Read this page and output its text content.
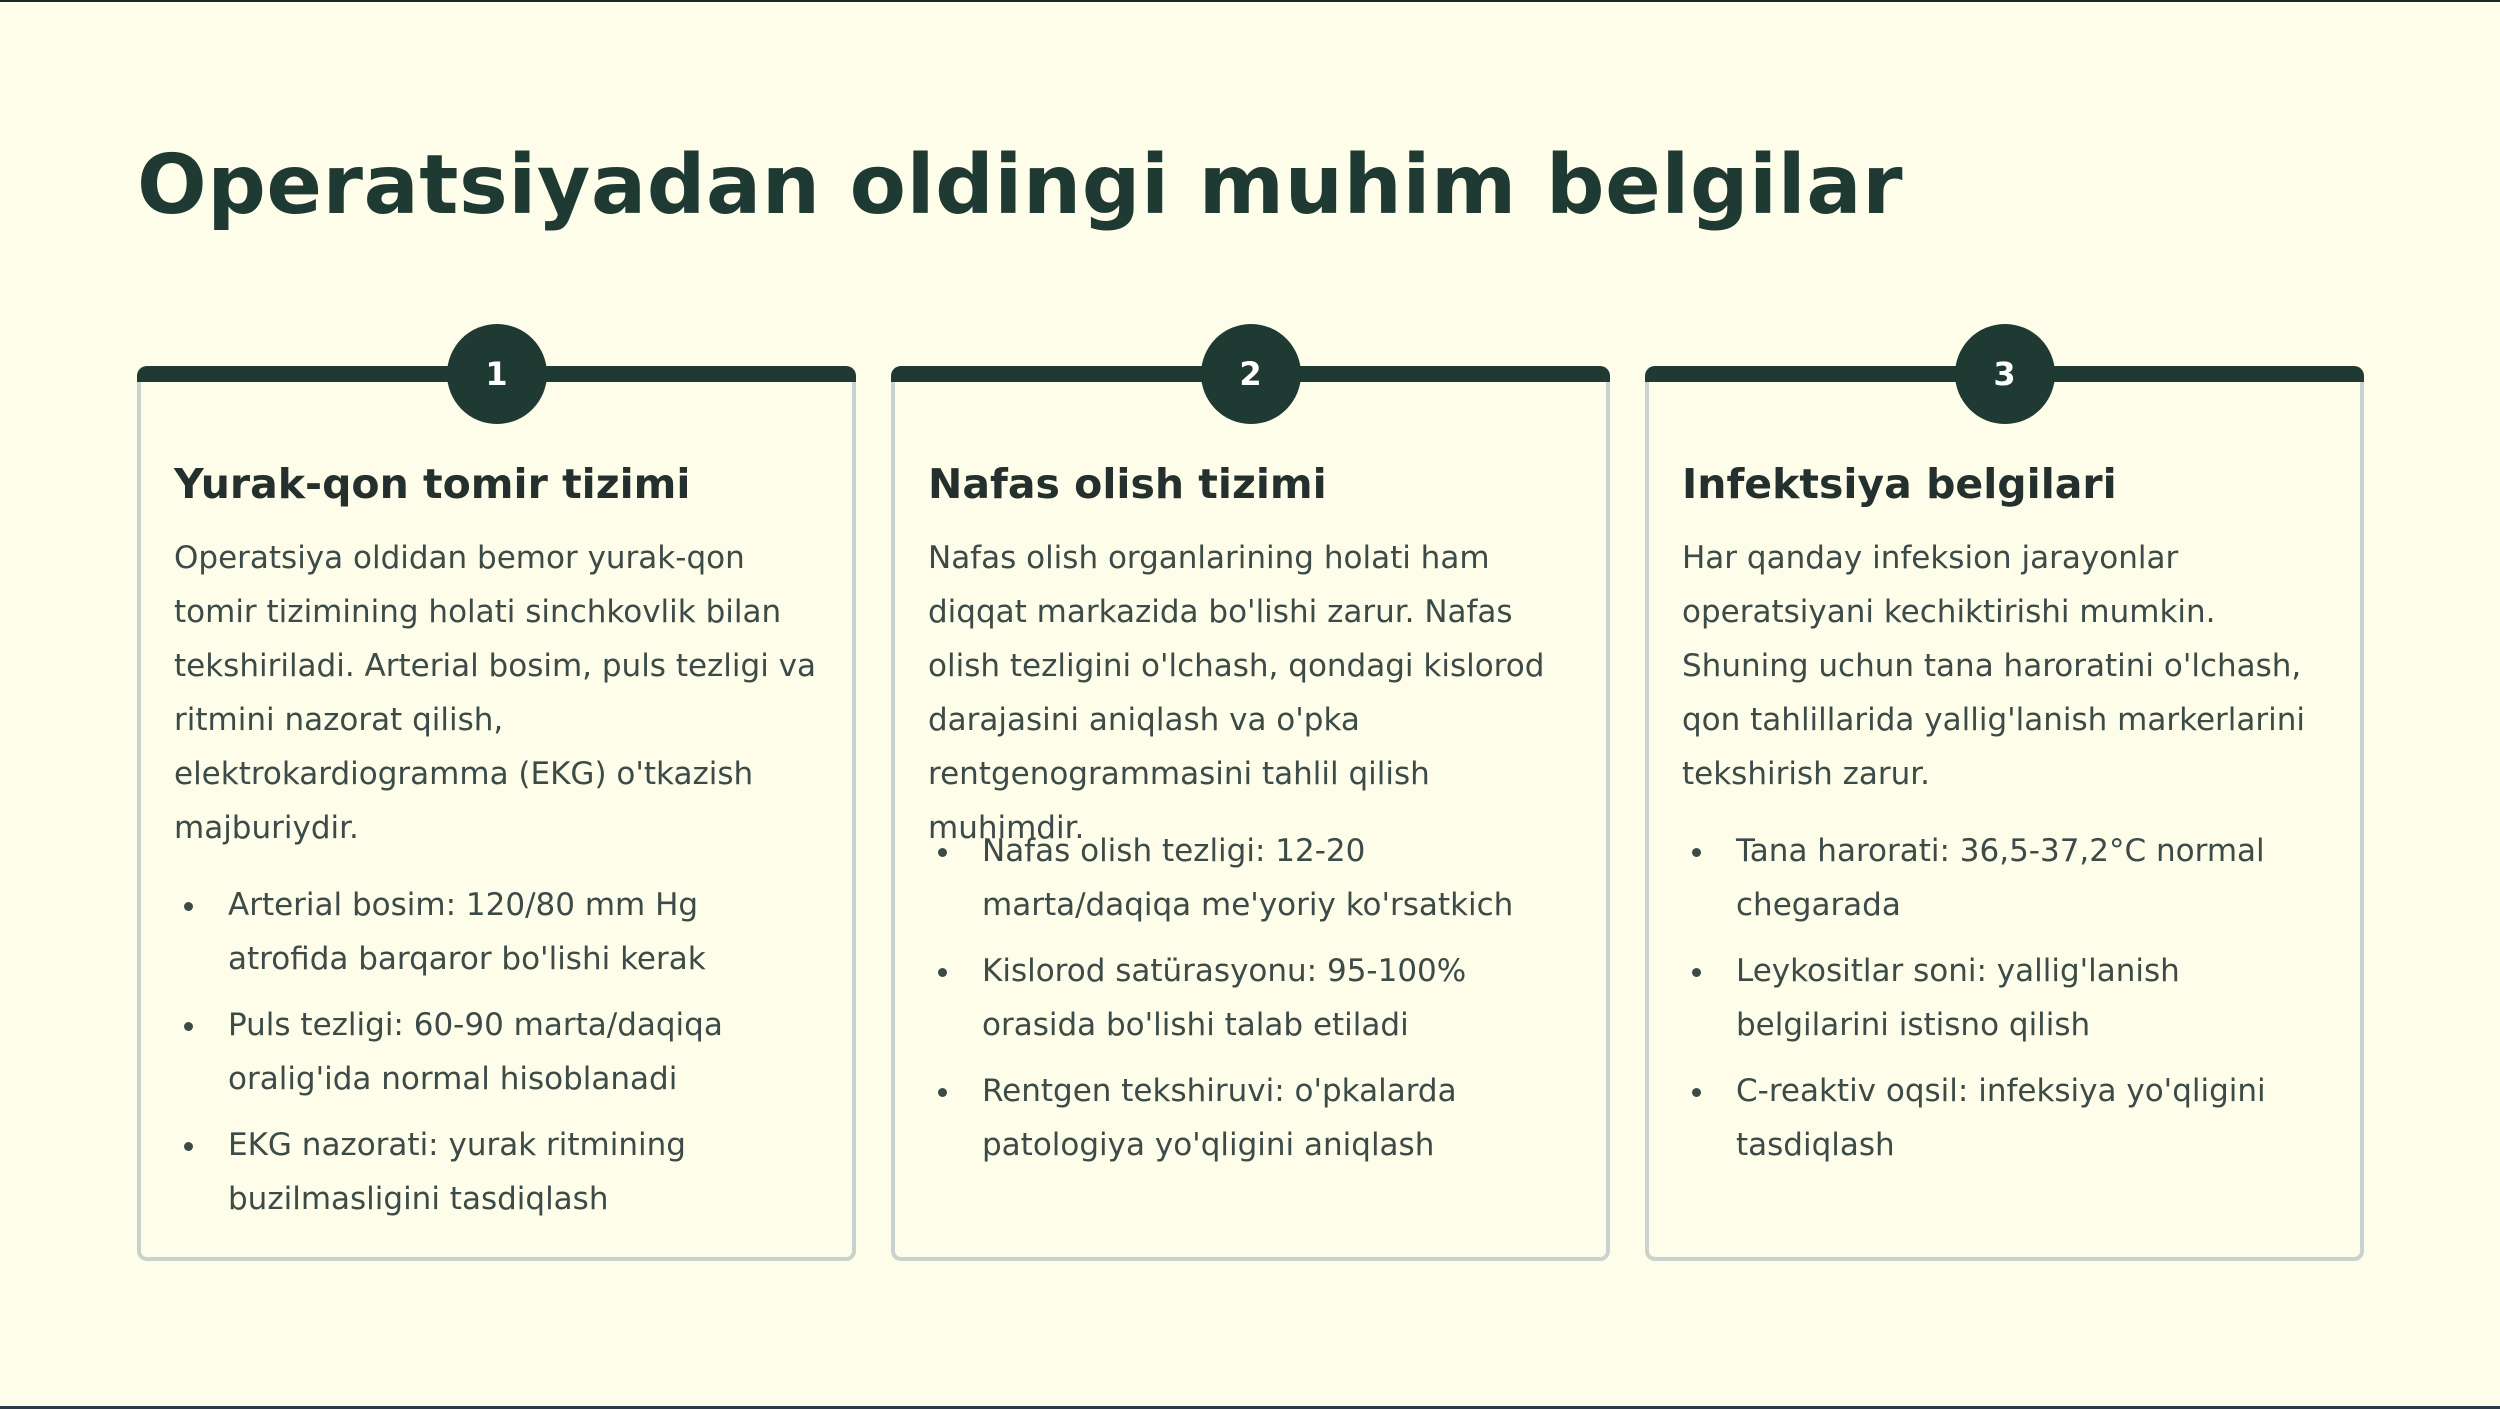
Operatsiyadan oldingi muhim belgilar
1
Yurak-qon tomir tizimi

Operatsiya oldidan bemor yurak-qon tomir tizimining holati sinchkovlik bilan tekshiriladi. Arterial bosim, puls tezligi va ritmini nazorat qilish, elektrokardiogramma (EKG) o'tkazish majburiydir.

Arterial bosim: 120/80 mm Hg atrofida barqaror bo'lishi kerak
Puls tezligi: 60-90 marta/daqiqa oralig'ida normal hisoblanadi
EKG nazorati: yurak ritmining buzilmasligini tasdiqlash
2
Nafas olish tizimi

Nafas olish organlarining holati ham diqqat markazida bo'lishi zarur. Nafas olish tezligini o'lchash, qondagi kislorod darajasini aniqlash va o'pka rentgenogrammasini tahlil qilish muhimdir.

Nafas olish tezligi: 12-20 marta/daqiqa me'yoriy ko'rsatkich
Kislorod satürasyonu: 95-100% orasida bo'lishi talab etiladi
Rentgen tekshiruvi: o'pkalarda patologiya yo'qligini aniqlash
3
Infektsiya belgilari

Har qanday infeksion jarayonlar operatsiyani kechiktirishi mumkin. Shuning uchun tana haroratini o'lchash, qon tahlillarida yallig'lanish markerlarini tekshirish zarur.

Tana harorati: 36,5-37,2°C normal chegarada
Leykositlar soni: yallig'lanish belgilarini istisno qilish
C-reaktiv oqsil: infeksiya yo'qligini tasdiqlash
